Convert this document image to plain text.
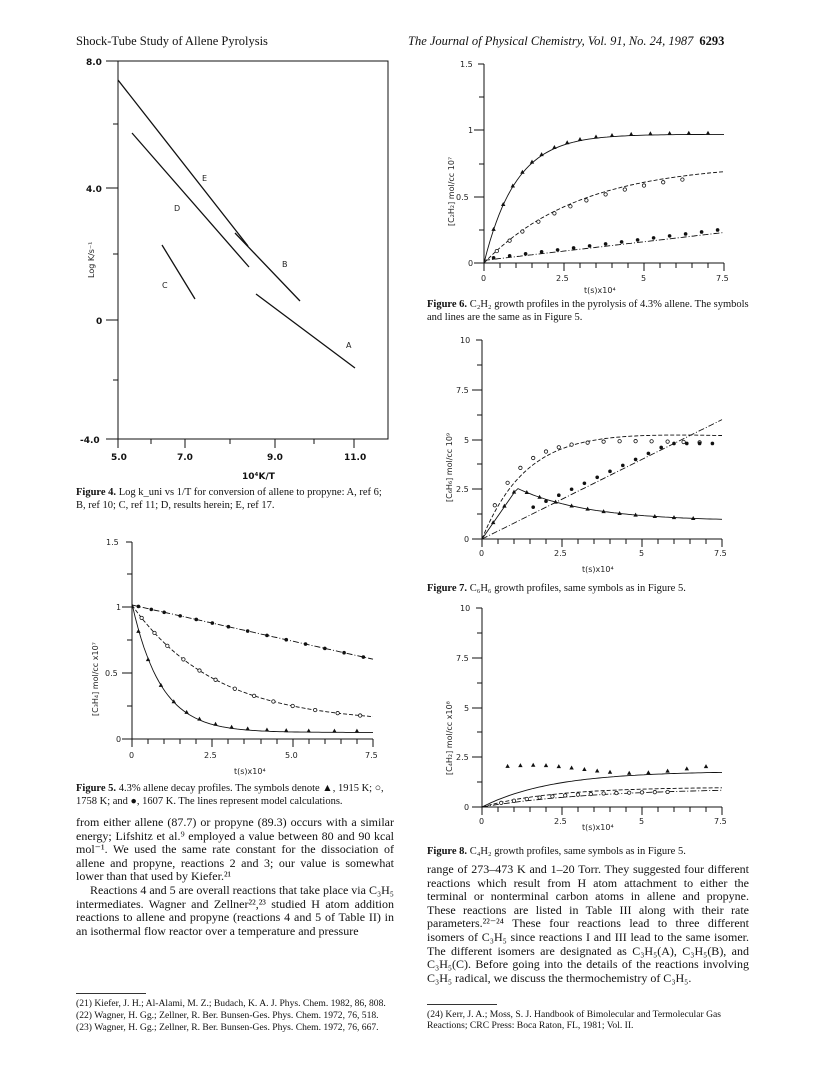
Shock-Tube Study of Allene Pyrolysis	The Journal of Physical Chemistry, Vol. 91, No. 24, 1987 6293
8.0
4.0
0
-4.0
5.0	7.0	9.0	11.0
Log K/s⁻¹
10⁴K/T
A
B
C
D
E
Figure 4. Log k_uni vs 1/T for conversion of allene to propyne: A, ref 6; B, ref 10; C, ref 11; D, results herein; E, ref 17.
1.5
1
0.5
0
0	2.5	5.0	7.5
[C₃H₄] mol/cc x10⁷
t(s)x10⁴
Figure 5. 4.3% allene decay profiles. The symbols denote ▲, 1915 K; ○, 1758 K; and ●, 1607 K. The lines represent model calculations.

from either allene (87.7) or propyne (89.3) occurs with a similar energy; Lifshitz et al.⁹ employed a value between 80 and 90 kcal mol⁻¹. We used the same rate constant for the dissociation of allene and propyne, reactions 2 and 3; our value is somewhat lower than that used by Kiefer.²¹

Reactions 4 and 5 are overall reactions that take place via C₃H₅ intermediates. Wagner and Zellner²²,²³ studied H atom addition reactions to allene and propyne (reactions 4 and 5 of Table II) in an isothermal flow reactor over a temperature and pressure

(21) Kiefer, J. H.; Al-Alami, M. Z.; Budach, K. A. J. Phys. Chem. 1982, 86, 808.
(22) Wagner, H. Gg.; Zellner, R. Ber. Bunsen-Ges. Phys. Chem. 1972, 76, 518.
(23) Wagner, H. Gg.; Zellner, R. Ber. Bunsen-Ges. Phys. Chem. 1972, 76, 667.
1.5
1
0.5
0
0	2.5	5	7.5
[C₂H₂] mol/cc 10⁷
t(s)x10⁴
Figure 6. C₂H₂ growth profiles in the pyrolysis of 4.3% allene. The symbols and lines are the same as in Figure 5.
10
7.5
5
2.5
0
0	2.5	5	7.5
[C₆H₆] mol/cc 10⁹
t(s)x10⁴
Figure 7. C₆H₆ growth profiles, same symbols as in Figure 5.
10
7.5
5
2.5
0
0	2.5	5	7.5
[C₄H₂] mol/cc x10⁸
t(s)x10⁴
Figure 8. C₄H₂ growth profiles, same symbols as in Figure 5.

range of 273–473 K and 1–20 Torr. They suggested four different reactions which result from H atom attachment to either the terminal or nonterminal carbon atoms in allene and propyne. These reactions are listed in Table III along with their rate parameters.²²⁻²⁴ These four reactions lead to three different isomers of C₃H₅ since reactions I and III lead to the same isomer. The different isomers are designated as C₃H₅(A), C₃H₅(B), and C₃H₅(C). Before going into the details of the reactions involving C₃H₅ radical, we discuss the thermochemistry of C₃H₅.

(24) Kerr, J. A.; Moss, S. J. Handbook of Bimolecular and Termolecular Gas Reactions; CRC Press: Boca Raton, FL, 1981; Vol. II.
